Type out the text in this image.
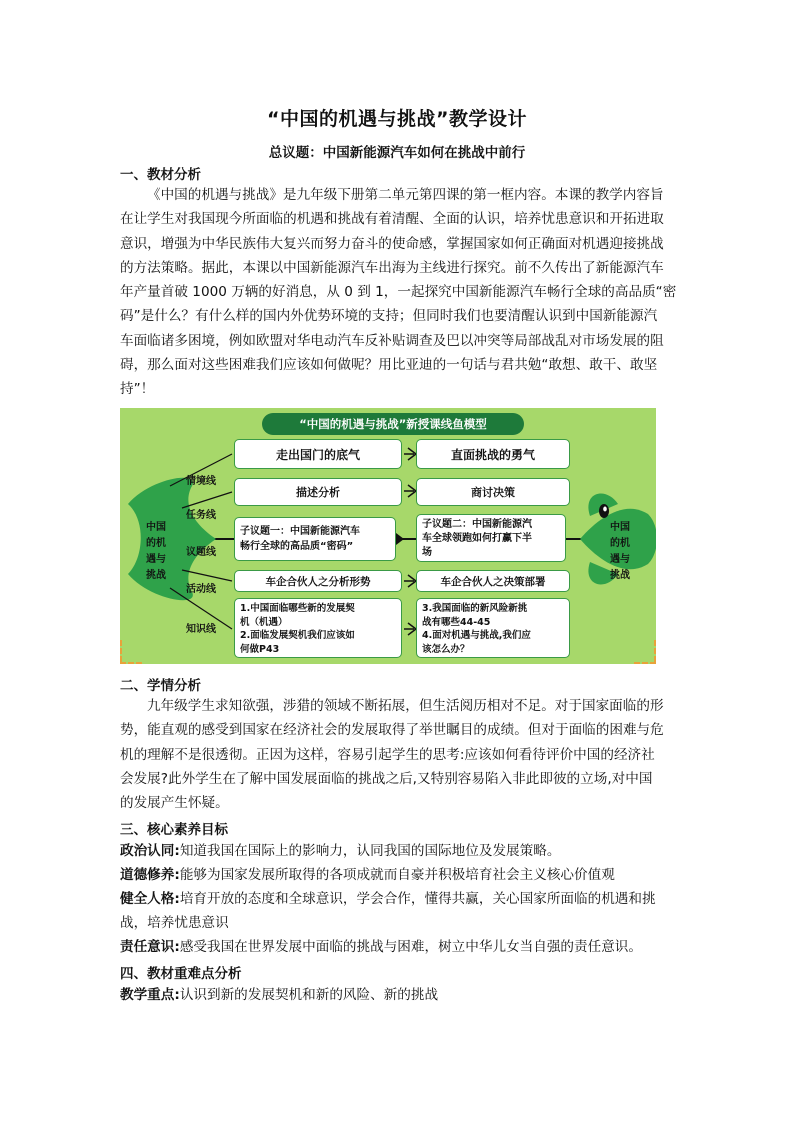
“中国的机遇与挑战”教学设计
总议题：中国新能源汽车如何在挑战中前行
一、教材分析
《中国的机遇与挑战》是九年级下册第二单元第四课的第一框内容。本课的教学内容旨
在让学生对我国现今所面临的机遇和挑战有着清醒、全面的认识，培养忧患意识和开拓进取
意识，增强为中华民族伟大复兴而努力奋斗的使命感，掌握国家如何正确面对机遇迎接挑战
的方法策略。据此，本课以中国新能源汽车出海为主线进行探究。前不久传出了新能源汽车
年产量首破 1000 万辆的好消息，从 0 到 1，一起探究中国新能源汽车畅行全球的高品质“密
码”是什么？有什么样的国内外优势环境的支持；但同时我们也要清醒认识到中国新能源汽
车面临诸多困境，例如欧盟对华电动汽车反补贴调查及巴以冲突等局部战乱对市场发展的阻
碍，那么面对这些困难我们应该如何做呢？用比亚迪的一句话与君共勉“敢想、敢干、敢坚
持”！
“中国的机遇与挑战”新授课线鱼模型
中国
的机
遇与
挑战
中国
的机
遇与
挑战
情境线
任务线
议题线
活动线
知识线
走出国门的底气	直面挑战的勇气
描述分析	商讨决策
子议题一：中国新能源汽车
畅行全球的高品质“密码”
子议题二：中国新能源汽
车全球领跑如何打赢下半
场
车企合伙人之分析形势	车企合伙人之决策部署
1.中国面临哪些新的发展契
机（机遇）
2.面临发展契机我们应该如
何做P43
3.我国面临的新风险新挑
战有哪些44-45
4.面对机遇与挑战,我们应
该怎么办？
二、学情分析
九年级学生求知欲强，涉猎的领域不断拓展，但生活阅历相对不足。对于国家面临的形
势，能直观的感受到国家在经济社会的发展取得了举世瞩目的成绩。但对于面临的困难与危
机的理解不是很透彻。正因为这样，容易引起学生的思考:应该如何看待评价中国的经济社
会发展?此外学生在了解中国发展面临的挑战之后,又特别容易陷入非此即彼的立场,对中国
的发展产生怀疑。
三、核心素养目标
政治认同:知道我国在国际上的影响力，认同我国的国际地位及发展策略。
道德修养:能够为国家发展所取得的各项成就而自豪并积极培育社会主义核心价值观
健全人格:培育开放的态度和全球意识，学会合作，懂得共赢，关心国家所面临的机遇和挑
战，培养忧患意识
责任意识:感受我国在世界发展中面临的挑战与困难，树立中华儿女当自强的责任意识。
四、教材重难点分析
教学重点:认识到新的发展契机和新的风险、新的挑战
